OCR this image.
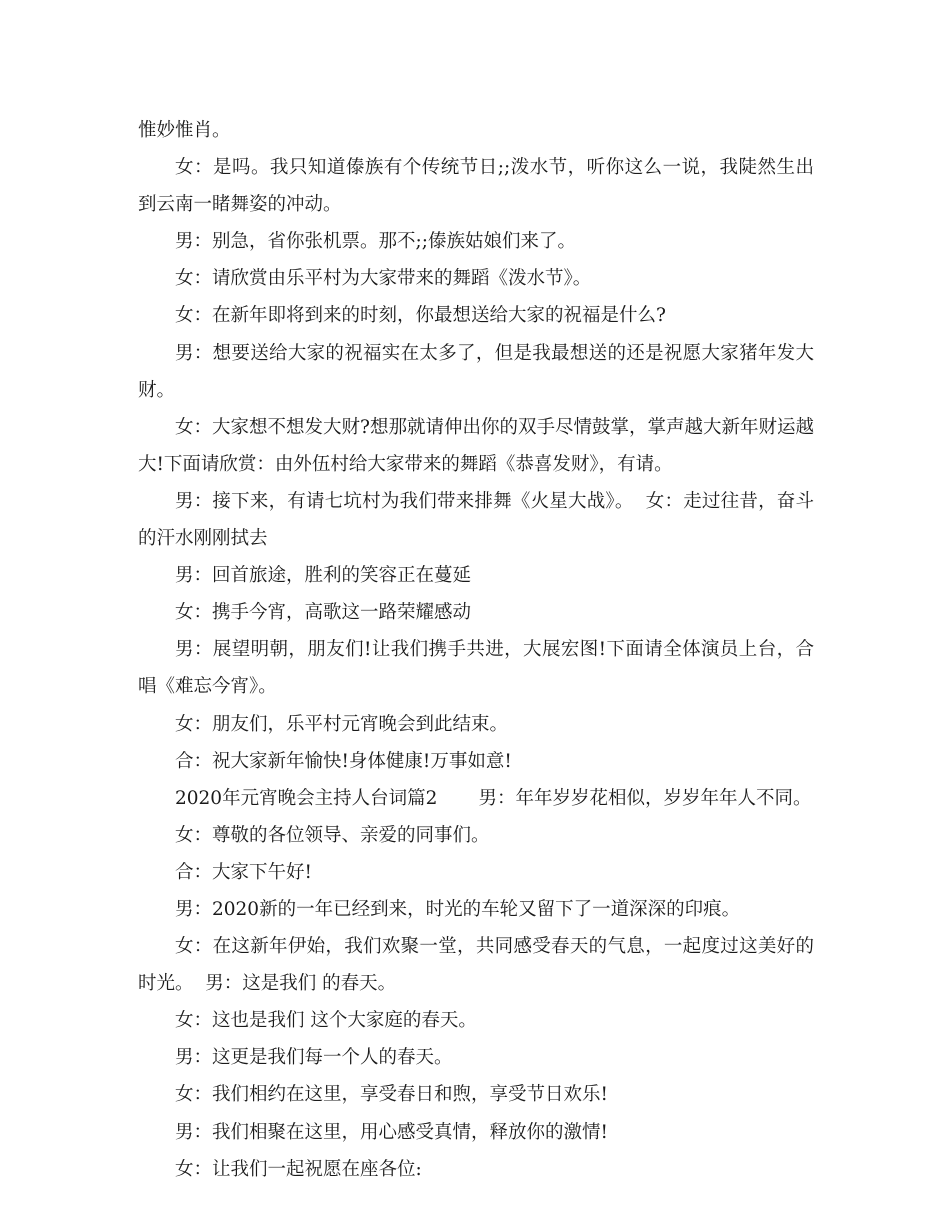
惟妙惟肖。

女：是吗。我只知道傣族有个传统节日;;泼水节，听你这么一说，我陡然生出到云南一睹舞姿的冲动。

男：别急，省你张机票。那不;;傣族姑娘们来了。

女：请欣赏由乐平村为大家带来的舞蹈《泼水节》。

女：在新年即将到来的时刻，你最想送给大家的祝福是什么?

男：想要送给大家的祝福实在太多了，但是我最想送的还是祝愿大家猪年发大财。

女：大家想不想发大财?想那就请伸出你的双手尽情鼓掌，掌声越大新年财运越大!下面请欣赏：由外伍村给大家带来的舞蹈《恭喜发财》，有请。

男：接下来，有请七坑村为我们带来排舞《火星大战》。  女：走过往昔，奋斗的汗水刚刚拭去

男：回首旅途，胜利的笑容正在蔓延

女：携手今宵，高歌这一路荣耀感动

男：展望明朝，朋友们!让我们携手共进，大展宏图!下面请全体演员上台，合唱《难忘今宵》。

女：朋友们，乐平村元宵晚会到此结束。

合：祝大家新年愉快!身体健康!万事如意!

2020年元宵晚会主持人台词篇2       男：年年岁岁花相似，岁岁年年人不同。

女：尊敬的各位领导、亲爱的同事们。

合：大家下午好!

男：2020新的一年已经到来，时光的车轮又留下了一道深深的印痕。

女：在这新年伊始，我们欢聚一堂，共同感受春天的气息，一起度过这美好的时光。  男：这是我们 的春天。

女：这也是我们 这个大家庭的春天。

男：这更是我们每一个人的春天。

女：我们相约在这里，享受春日和煦，享受节日欢乐!

男：我们相聚在这里，用心感受真情，释放你的激情!

女：让我们一起祝愿在座各位:
